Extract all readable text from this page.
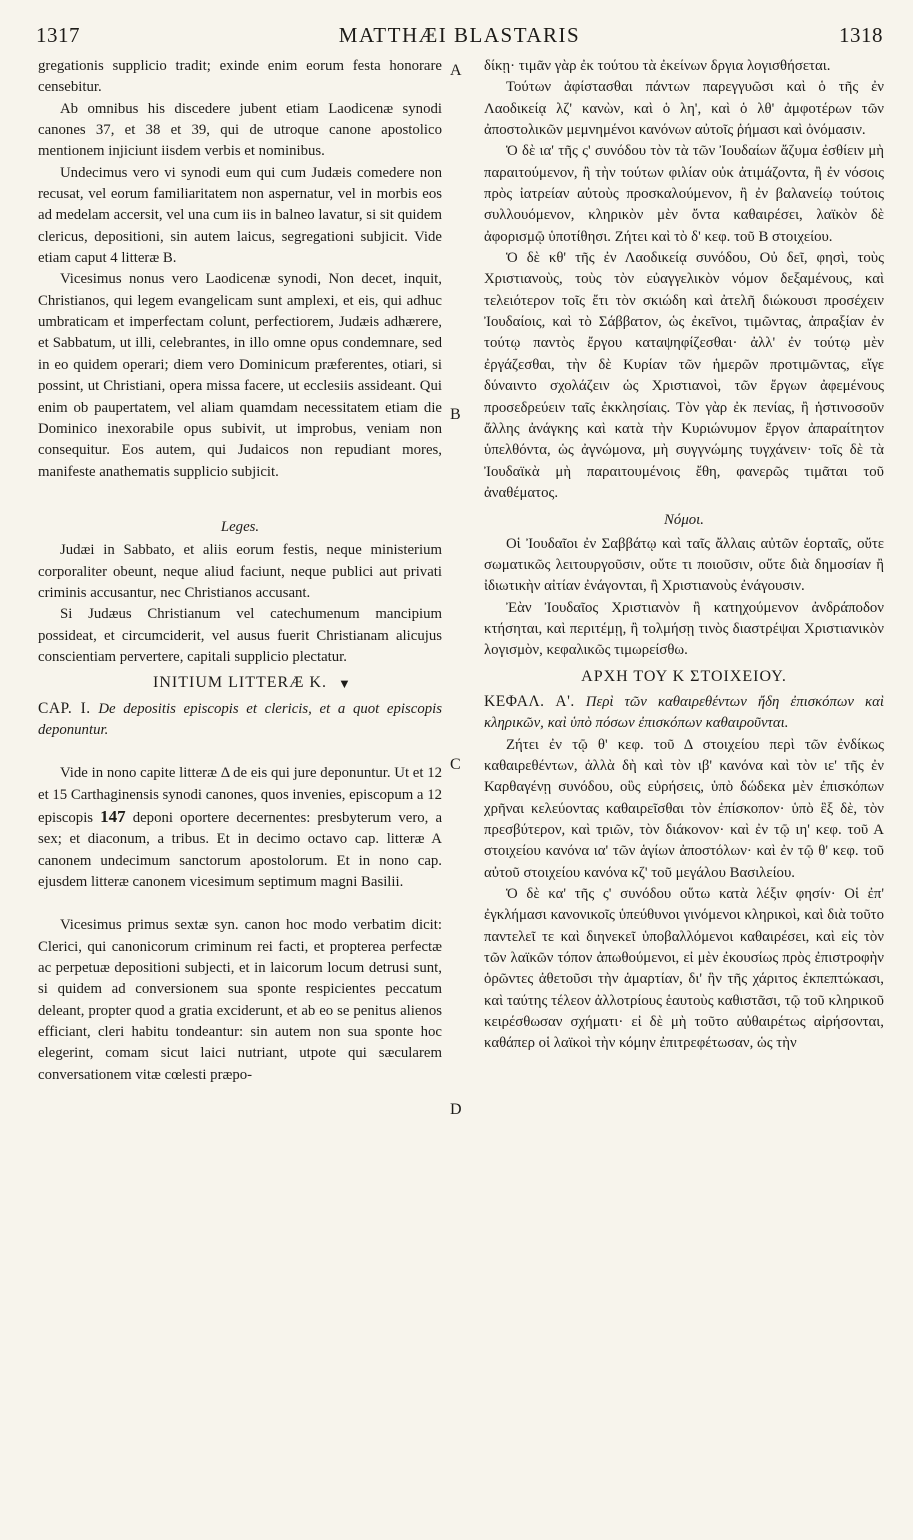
1317	MATTHÆI BLASTARIS	1318

gregationis supplicio tradit; exinde enim eorum festa honorare censebitur.

Ab omnibus his discedere jubent etiam Laodicenæ synodi canones 37, et 38 et 39, qui de utroque canone apostolico mentionem injiciunt iisdem verbis et nominibus.

Undecimus vero vi synodi eum qui cum Judæis comedere non recusat, vel eorum familiaritatem non aspernatur, vel in morbis eos ad medelam accersit, vel una cum iis in balneo lavatur, si sit quidem clericus, depositioni, sin autem laicus, segregationi subjicit. Vide etiam caput 4 litteræ B.

Vicesimus nonus vero Laodicenæ synodi, Non decet, inquit, Christianos, qui legem evangelicam sunt amplexi, et eis, qui adhuc umbraticam et imperfectam colunt, perfectiorem, Judæis adhærere, et Sabbatum, ut illi, celebrantes, in illo omne opus condemnare, sed in eo quidem operari; diem vero Dominicum præferentes, otiari, si possint, ut Christiani, opera missa facere, ut ecclesiis assideant. Qui enim ob paupertatem, vel aliam quamdam necessitatem etiam die Dominico inexorabile opus subivit, ut improbus, veniam non consequitur. Eos autem, qui Judaicos non repudiant mores, manifeste anathematis supplicio subjicit.

Leges.

Judæi in Sabbato, et aliis eorum festis, neque ministerium corporaliter obeunt, neque aliud faciunt, neque publici aut privati criminis accusantur, nec Christianos accusant.

Si Judæus Christianum vel catechumenum mancipium possideat, et circumciderit, vel ausus fuerit Christianam alicujus conscientiam pervertere, capitali supplicio plectatur.

INITIUM LITTERÆ K.

CAP. I. De depositis episcopis et clericis, et a quot episcopis deponuntur.

Vide in nono capite litteræ Δ de eis qui jure deponuntur. Ut et 12 et 15 Carthaginensis synodi canones, quos invenies, episcopum a 12 episcopis 147 deponi oportere decernentes: presbyterum vero, a sex; et diaconum, a tribus. Et in decimo octavo cap. litteræ A canonem undecimum sanctorum apostolorum. Et in nono cap. ejusdem litteræ canonem vicesimum septimum magni Basilii.

Vicesimus primus sextæ syn. canon hoc modo verbatim dicit: Clerici, qui canonicorum criminum rei facti, et propterea perfectæ ac perpetuæ depositioni subjecti, et in laicorum locum detrusi sunt, si quidem ad conversionem sua sponte respicientes peccatum deleant, propter quod a gratia exciderunt, et ab eo se penitus alienos efficiant, cleri habitu tondeantur: sin autem non sua sponte hoc elegerint, comam sicut laici nutriant, utpote qui sæcularem conversationem vitæ cœlesti præpo-

δίκῃ· τιμᾶν γὰρ ἐκ τούτου τὰ ἐκείνων δργια λογισθήσεται.

Τούτων ἀφίστασθαι πάντων παρεγγυῶσι καὶ ὁ τῆς ἐν Λαοδικείᾳ λζ' κανὼν, καὶ ὁ λη', καὶ ὁ λθ' ἀμφοτέρων τῶν ἀποστολικῶν μεμνημένοι κανόνων αὐτοῖς ῥήμασι καὶ ὀνόμασιν.

Ὁ δὲ ια' τῆς ς' συνόδου τὸν τὰ τῶν Ἰουδαίων ἄζυμα ἐσθίειν μὴ παραιτούμενον, ἢ τὴν τούτων φιλίαν οὐκ ἀτιμάζοντα, ἢ ἐν νόσοις πρὸς ἰατρείαν αὐτοὺς προσκαλούμενον, ἢ ἐν βαλανείῳ τούτοις συλλουόμενον, κληρικὸν μὲν ὄντα καθαιρέσει, λαϊκὸν δὲ ἀφορισμῷ ὑποτίθησι. Ζήτει καὶ τὸ δ' κεφ. τοῦ Β στοιχείου.

Ὁ δὲ κθ' τῆς ἐν Λαοδικείᾳ συνόδου, Οὐ δεῖ, φησὶ, τοὺς Χριστιανοὺς, τοὺς τὸν εὐαγγελικὸν νόμον δεξαμένους, καὶ τελειότερον τοῖς ἔτι τὸν σκιώδη καὶ ἀτελῆ διώκουσι προσέχειν Ἰουδαίοις, καὶ τὸ Σάββατον, ὡς ἐκεῖνοι, τιμῶντας, ἀπραξίαν ἐν τούτῳ παντὸς ἔργου καταψηφίζεσθαι· ἀλλ' ἐν τούτῳ μὲν ἐργάζεσθαι, τὴν δὲ Κυρίαν τῶν ἡμερῶν προτιμῶντας, εἴγε δύναιντο σχολάζειν ὡς Χριστιανοὶ, τῶν ἔργων ἀφεμένους προσεδρεύειν ταῖς ἐκκλησίαις. Τὸν γὰρ ἐκ πενίας, ἢ ἡστινοσοῦν ἄλλης ἀνάγκης καὶ κατὰ τὴν Κυριώνυμον ἔργον ἀπαραίτητον ὑπελθόντα, ὡς ἀγνώμονα, μὴ συγγνώμης τυγχάνειν· τοῖς δὲ τὰ Ἰουδαϊκὰ μὴ παραιτουμένοις ἔθη, φανερῶς τιμᾶται τοῦ ἀναθέματος.

Νόμοι.

Οἱ Ἰουδαῖοι ἐν Σαββάτῳ καὶ ταῖς ἄλλαις αὐτῶν ἑορταῖς, οὔτε σωματικῶς λειτουργοῦσιν, οὔτε τι ποιοῦσιν, οὔτε διὰ δημοσίαν ἢ ἰδιωτικὴν αἰτίαν ἐνάγονται, ἢ Χριστιανοὺς ἐνάγουσιν.

Ἐὰν Ἰουδαῖος Χριστιανὸν ἢ κατηχούμενον ἀνδράποδον κτήσηται, καὶ περιτέμῃ, ἢ τολμήσῃ τινὸς διαστρέψαι Χριστιανικὸν λογισμὸν, κεφαλικῶς τιμωρείσθω.

ΑΡΧΗ ΤΟΥ Κ ΣΤΟΙΧΕΙΟΥ.

ΚΕΦΑΛ. Α'. Περὶ τῶν καθαιρεθέντων ἤδη ἐπισκόπων καὶ κληρικῶν, καὶ ὑπὸ πόσων ἐπισκόπων καθαιροῦνται.

Ζήτει ἐν τῷ θ' κεφ. τοῦ Δ στοιχείου περὶ τῶν ἐνδίκως καθαιρεθέντων, ἀλλὰ δὴ καὶ τὸν ιβ' κανόνα καὶ τὸν ιε' τῆς ἐν Καρθαγένῃ συνόδου, οὓς εὑρήσεις, ὑπὸ δώδεκα μὲν ἐπισκόπων χρῆναι κελεύοντας καθαιρεῖσθαι τὸν ἐπίσκοπον· ὑπὸ ἓξ δὲ, τὸν πρεσβύτερον, καὶ τριῶν, τὸν διάκονον· καὶ ἐν τῷ ιη' κεφ. τοῦ Α στοιχείου κανόνα ια' τῶν ἁγίων ἀποστόλων· καὶ ἐν τῷ θ' κεφ. τοῦ αὐτοῦ στοιχείου κανόνα κζ' τοῦ μεγάλου Βασιλείου.

Ὁ δὲ κα' τῆς ς' συνόδου οὕτω κατὰ λέξιν φησίν· Οἱ ἐπ' ἐγκλήμασι κανονικοῖς ὑπεύθυνοι γινόμενοι κληρικοὶ, καὶ διὰ τοῦτο παντελεῖ τε καὶ διηνεκεῖ ὑποβαλλόμενοι καθαιρέσει, καὶ εἰς τὸν τῶν λαϊκῶν τόπον ἀπωθούμενοι, εἰ μὲν ἐκουσίως πρὸς ἐπιστροφὴν ὁρῶντες ἀθετοῦσι τὴν ἁμαρτίαν, δι' ἣν τῆς χάριτος ἐκπεπτώκασι, καὶ ταύτης τέλεον ἀλλοτρίους ἑαυτοὺς καθιστᾶσι, τῷ τοῦ κληρικοῦ κειρέσθωσαν σχήματι· εἰ δὲ μὴ τοῦτο αὐθαιρέτως αἱρήσονται, καθάπερ οἱ λαϊκοὶ τὴν κόμην ἐπιτρεφέτωσαν, ὡς τὴν

A
B
C
D
▼
